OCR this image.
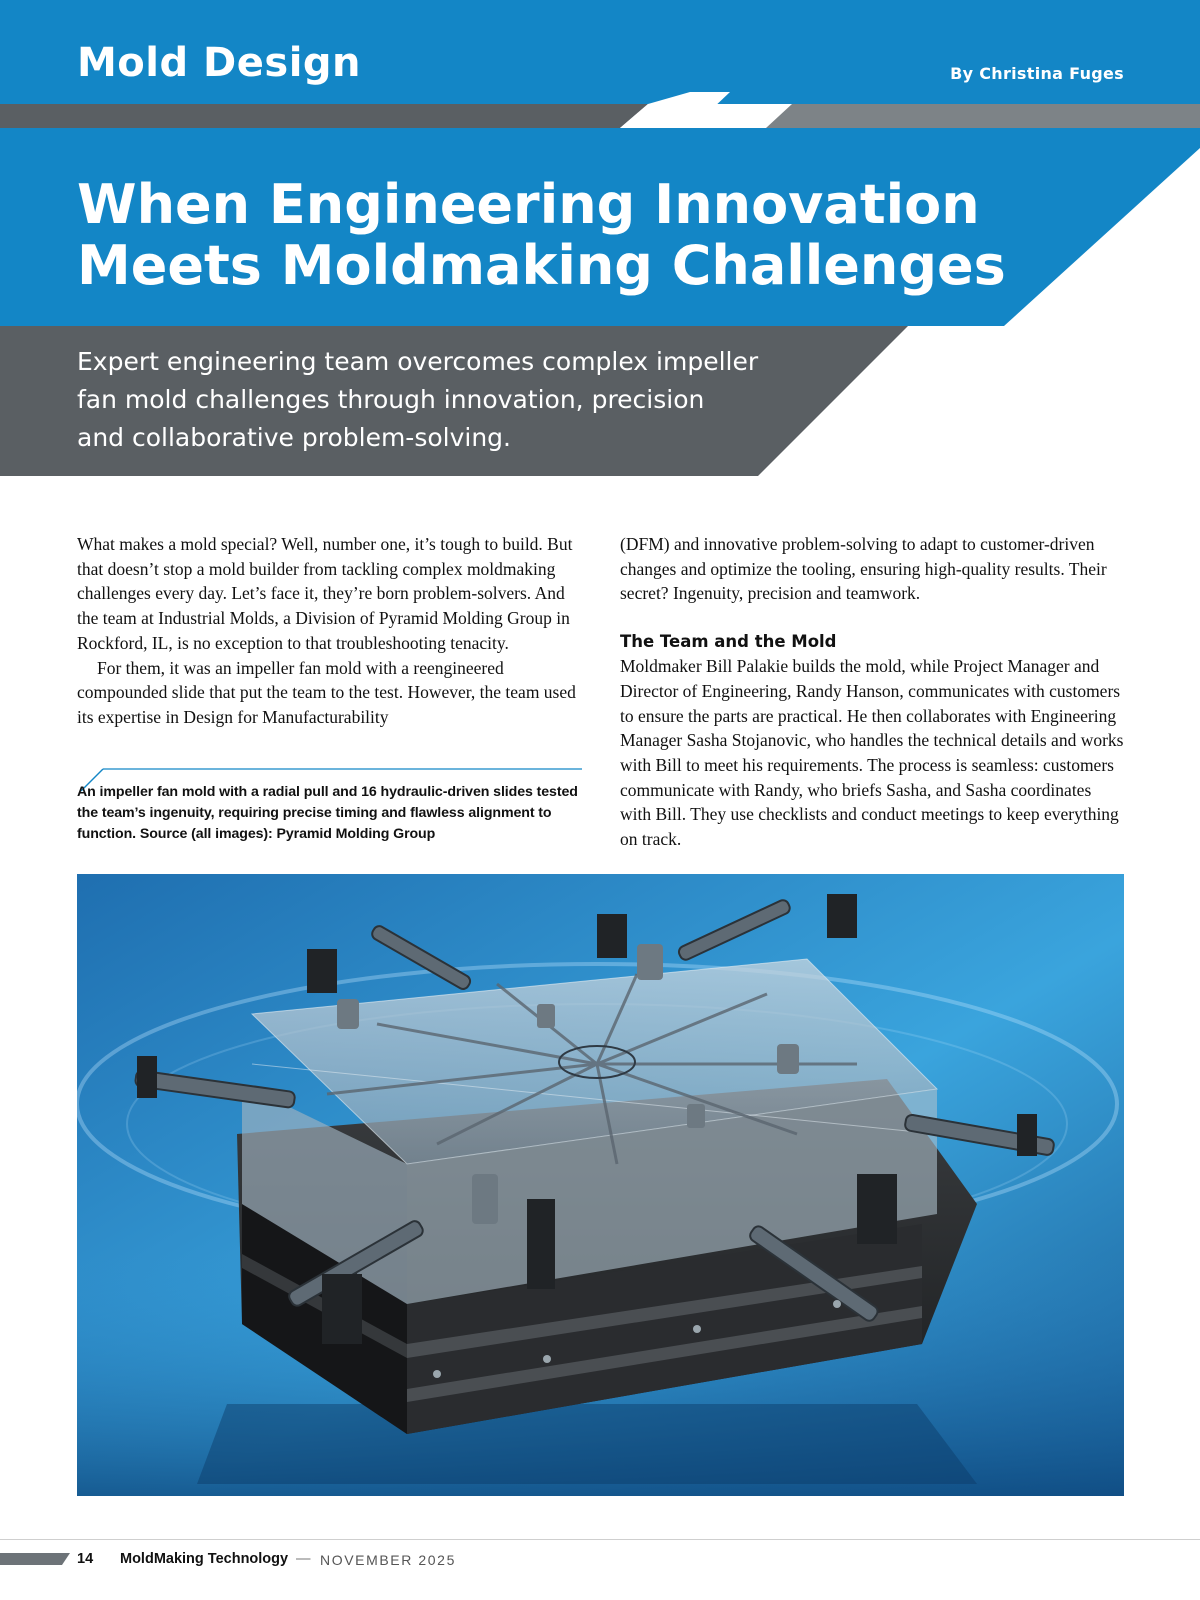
Mold Design	By Christina Fuges
When Engineering Innovation
Meets Moldmaking Challenges
Expert engineering team overcomes complex impeller
fan mold challenges through innovation, precision
and collaborative problem-solving.

What makes a mold special? Well, number one, it’s tough to build. But that doesn’t stop a mold builder from tackling complex moldmaking challenges every day. Let’s face it, they’re born problem-solvers. And the team at Industrial Molds, a Division of Pyramid Molding Group in Rockford, IL, is no exception to that troubleshooting tenacity.

For them, it was an impeller fan mold with a reengineered compounded slide that put the team to the test. However, the team used its expertise in Design for Manufacturability

An impeller fan mold with a radial pull and 16 hydraulic-driven slides tested the team’s ingenuity, requiring precise timing and flawless alignment to function. Source (all images): Pyramid Molding Group

(DFM) and innovative problem-solving to adapt to customer-driven changes and optimize the tooling, ensuring high-quality results. Their secret? Ingenuity, precision and teamwork.

The Team and the Mold

Moldmaker Bill Palakie builds the mold, while Project Manager and Director of Engineering, Randy Hanson, communicates with customers to ensure the parts are practical. He then collaborates with Engineering Manager Sasha Stojanovic, who handles the technical details and works with Bill to meet his requirements. The process is seamless: customers communicate with Randy, who briefs Sasha, and Sasha coordinates with Bill. They use checklists and conduct meetings to keep everything on track.

14 MoldMaking Technology — NOVEMBER 2025
